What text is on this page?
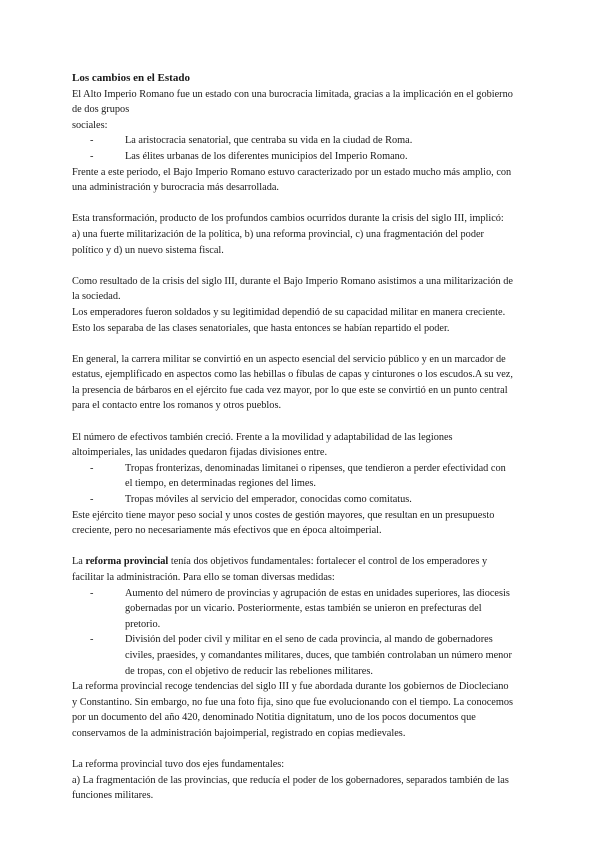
Los cambios en el Estado

El Alto Imperio Romano fue un estado con una burocracia limitada, gracias a la implicación en el gobierno de dos grupos

sociales:

-	La aristocracia senatorial, que centraba su vida en la ciudad de Roma.
-	Las élites urbanas de los diferentes municipios del Imperio Romano.

Frente a este periodo, el Bajo Imperio Romano estuvo caracterizado por un estado mucho más amplio, con una administración y burocracia más desarrollada.

Esta transformación, producto de los profundos cambios ocurridos durante la crisis del siglo III, implicó: a) una fuerte militarización de la política, b) una reforma provincial, c) una fragmentación del poder político y d) un nuevo sistema fiscal.

Como resultado de la crisis del siglo III, durante el Bajo Imperio Romano asistimos a una militarización de la sociedad.

Los emperadores fueron soldados y su legitimidad dependió de su capacidad militar en manera creciente. Esto los separaba de las clases senatoriales, que hasta entonces se habían repartido el poder.

En general, la carrera militar se convirtió en un aspecto esencial del servicio público y en un marcador de estatus, ejemplificado en aspectos como las hebillas o fíbulas de capas y cinturones o los escudos.A su vez, la presencia de bárbaros en el ejército fue cada vez mayor, por lo que este se convirtió en un punto central para el contacto entre los romanos y otros pueblos.

El número de efectivos también creció. Frente a la movilidad y adaptabilidad de las legiones altoimperiales, las unidades quedaron fijadas divisiones entre.

-	Tropas fronterizas, denominadas limitanei o ripenses, que tendieron a perder efectividad con el tiempo, en determinadas regiones del limes.
-	Tropas móviles al servicio del emperador, conocidas como comitatus.

Este ejército tiene mayor peso social y unos costes de gestión mayores, que resultan en un presupuesto creciente, pero no necesariamente más efectivos que en época altoimperial.

La reforma provincial tenía dos objetivos fundamentales: fortalecer el control de los emperadores y facilitar la administración. Para ello se toman diversas medidas:

-	Aumento del número de provincias y agrupación de estas en unidades superiores, las diocesis gobernadas por un vicario. Posteriormente, estas también se unieron en prefecturas del pretorio.
-	División del poder civil y militar en el seno de cada provincia, al mando de gobernadores civiles, praesides, y comandantes militares, duces, que también controlaban un número menor de tropas, con el objetivo de reducir las rebeliones militares.

La reforma provincial recoge tendencias del siglo III y fue abordada durante los gobiernos de Diocleciano y Constantino. Sin embargo, no fue una foto fija, sino que fue evolucionando con el tiempo. La conocemos por un documento del año 420, denominado Notitia dignitatum, uno de los pocos documentos que conservamos de la administración bajoimperial, registrado en copias medievales.

La reforma provincial tuvo dos ejes fundamentales:

a) La fragmentación de las provincias, que reducía el poder de los gobernadores, separados también de las funciones militares.
